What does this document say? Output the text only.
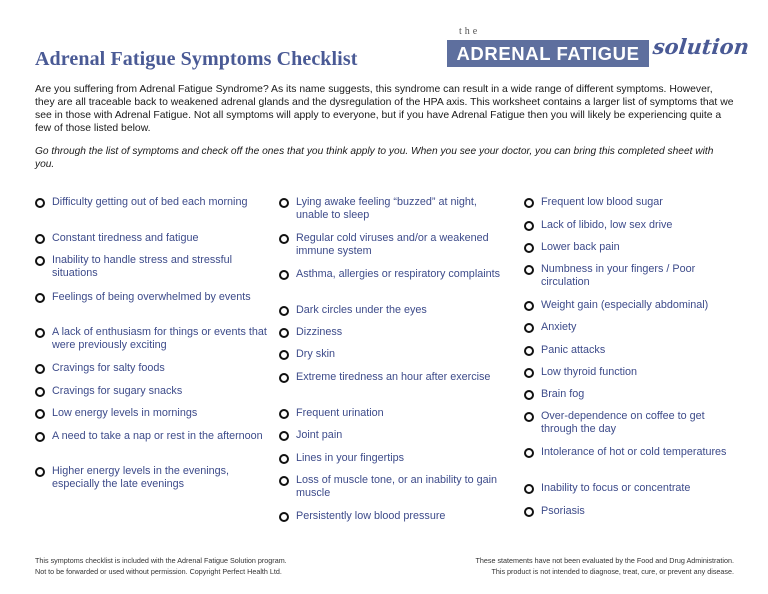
Adrenal Fatigue Symptoms Checklist
the
ADRENAL FATIGUE solution

Are you suffering from Adrenal Fatigue Syndrome? As its name suggests, this syndrome can result in a wide range of different symptoms. However, they are all traceable back to weakened adrenal glands and the dysregulation of the HPA axis. This worksheet contains a larger list of symptoms that we see in those with Adrenal Fatigue. Not all symptoms will apply to everyone, but if you have Adrenal Fatigue then you will likely be experiencing quite a few of those listed below.

Go through the list of symptoms and check off the ones that you think apply to you. When you see your doctor, you can bring this completed sheet with you.

Difficulty getting out of bed each morning
Constant tiredness and fatigue
Inability to handle stress and stressful situations
Feelings of being overwhelmed by events
A lack of enthusiasm for things or events that were previously exciting
Cravings for salty foods
Cravings for sugary snacks
Low energy levels in mornings
A need to take a nap or rest in the afternoon
Higher energy levels in the evenings, especially the late evenings
Lying awake feeling “buzzed” at night, unable to sleep
Regular cold viruses and/or a weakened immune system
Asthma, allergies or respiratory complaints
Dark circles under the eyes
Dizziness
Dry skin
Extreme tiredness an hour after exercise
Frequent urination
Joint pain
Lines in your fingertips
Loss of muscle tone, or an inability to gain muscle
Persistently low blood pressure
Frequent low blood sugar
Lack of libido, low sex drive
Lower back pain
Numbness in your fingers / Poor circulation
Weight gain (especially abdominal)
Anxiety
Panic attacks
Low thyroid function
Brain fog
Over-dependence on coffee to get through the day
Intolerance of hot or cold temperatures
Inability to focus or concentrate
Psoriasis
This symptoms checklist is included with the Adrenal Fatigue Solution program.
Not to be forwarded or used without permission. Copyright Perfect Health Ltd.
These statements have not been evaluated by the Food and Drug Administration.
This product is not intended to diagnose, treat, cure, or prevent any disease.
